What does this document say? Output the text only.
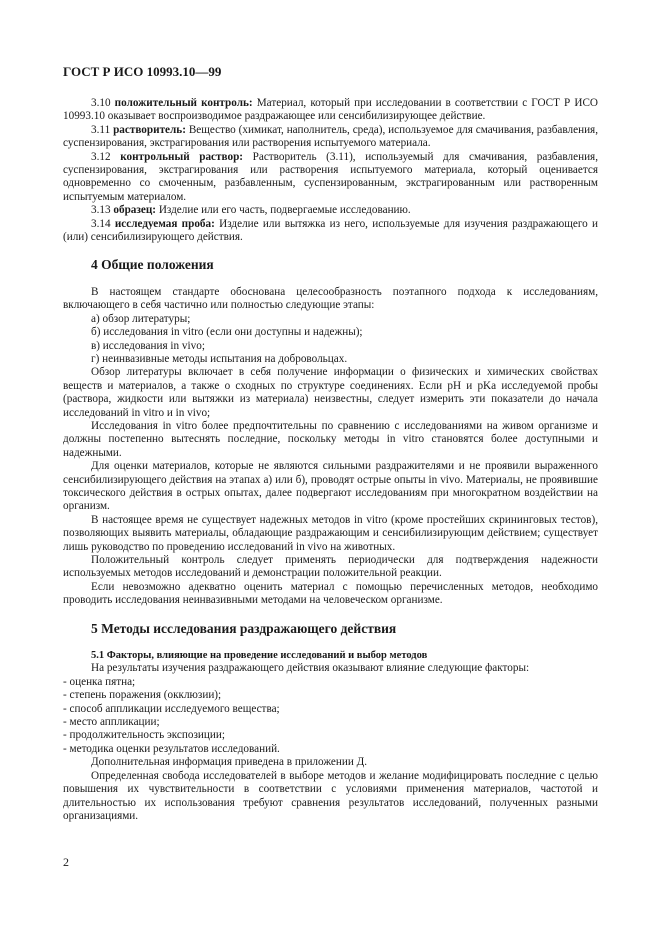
ГОСТ Р ИСО 10993.10—99

3.10 положительный контроль: Материал, который при исследовании в соответствии с ГОСТ Р ИСО 10993.10 оказывает воспроизводимое раздражающее или сенсибилизирующее действие.

3.11 растворитель: Вещество (химикат, наполнитель, среда), используемое для смачивания, разбавления, суспензирования, экстрагирования или растворения испытуемого материала.

3.12 контрольный раствор: Растворитель (3.11), используемый для смачивания, разбавления, суспензирования, экстрагирования или растворения испытуемого материала, который оценивается одновременно со смоченным, разбавленным, суспензированным, экстрагированным или растворенным испытуемым материалом.

3.13 образец: Изделие или его часть, подвергаемые исследованию.

3.14 исследуемая проба: Изделие или вытяжка из него, используемые для изучения раздражающего и (или) сенсибилизирующего действия.

4 Общие положения

В настоящем стандарте обоснована целесообразность поэтапного подхода к исследованиям, включающего в себя частично или полностью следующие этапы:

а) обзор литературы;

б) исследования in vitro (если они доступны и надежны);

в) исследования in vivo;

г) неинвазивные методы испытания на добровольцах.

Обзор литературы включает в себя получение информации о физических и химических свойствах веществ и материалов, а также о сходных по структуре соединениях. Если pH и pKa исследуемой пробы (раствора, жидкости или вытяжки из материала) неизвестны, следует измерить эти показатели до начала исследований in vitro и in vivo;

Исследования in vitro более предпочтительны по сравнению с исследованиями на живом организме и должны постепенно вытеснять последние, поскольку методы in vitro становятся более доступными и надежными.

Для оценки материалов, которые не являются сильными раздражителями и не проявили выраженного сенсибилизирующего действия на этапах а) или б), проводят острые опыты in vivo. Материалы, не проявившие токсического действия в острых опытах, далее подвергают исследованиям при многократном воздействии на организм.

В настоящее время не существует надежных методов in vitro (кроме простейших скрининговых тестов), позволяющих выявить материалы, обладающие раздражающим и сенсибилизирующим действием; существует лишь руководство по проведению исследований in vivo на животных.

Положительный контроль следует применять периодически для подтверждения надежности используемых методов исследований и демонстрации положительной реакции.

Если невозможно адекватно оценить материал с помощью перечисленных методов, необходимо проводить исследования неинвазивными методами на человеческом организме.

5 Методы исследования раздражающего действия
5.1 Факторы, влияющие на проведение исследований и выбор методов

На результаты изучения раздражающего действия оказывают влияние следующие факторы:

- оценка пятна;

- степень поражения (окклюзии);

- способ аппликации исследуемого вещества;

- место аппликации;

- продолжительность экспозиции;

- методика оценки результатов исследований.

Дополнительная информация приведена в приложении Д.

Определенная свобода исследователей в выборе методов и желание модифицировать последние с целью повышения их чувствительности в соответствии с условиями применения материалов, частотой и длительностью их использования требуют сравнения результатов исследований, полученных разными организациями.

2
